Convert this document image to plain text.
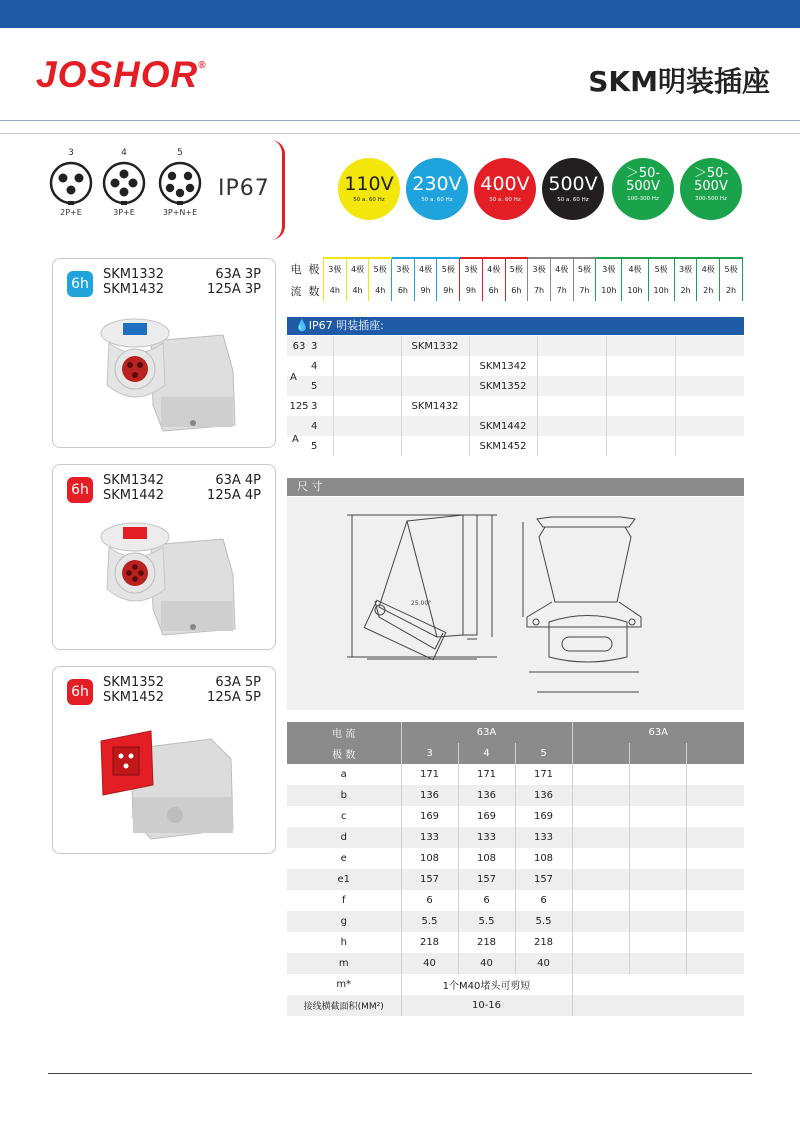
JOSHOR®	SKM明装插座
3
2P+E
4
3P+E
5
3P+N+E
IP67	110V
50 a. 60 Hz
230V
50 a. 60 Hz
400V
50 a. 60 Hz
500V
50 a. 60 Hz
＞50-500V
100-300 Hz
＞50-500V
300-500 Hz
6h
SKM1332
SKM1432
63A 3P
125A 3P
6h
SKM1342
SKM1442
63A 4P
125A 4P
6h
SKM1352
SKM1452
63A 5P
125A 5P
电	极	3极	4极	5极	3极	4极	5极	3极	4极	5极	3极	4极	5极	3极	4极	5极	3极	4极	5极
流	数	4h	4h	4h	6h	9h	9h	9h	6h	6h	7h	7h	7h	10h	10h	10h	2h	2h	2h
💧IP67 明装插座:
63	3		SKM1332				
	4			SKM1342			
	5			SKM1352			
125	3		SKM1432				
	4			SKM1442			
	5			SKM1452			
A
A
尺 寸
25.00°
电 流	63A			63A		
极 数	3	4	5			
a	171	171	171			
b	136	136	136			
c	169	169	169			
d	133	133	133			
e	108	108	108			
e1	157	157	157			
f	6	6	6			
g	5.5	5.5	5.5			
h	218	218	218			
m	40	40	40			
m*	1个M40堵头可剪短					
接线横截面积(MM²)	10-16					
